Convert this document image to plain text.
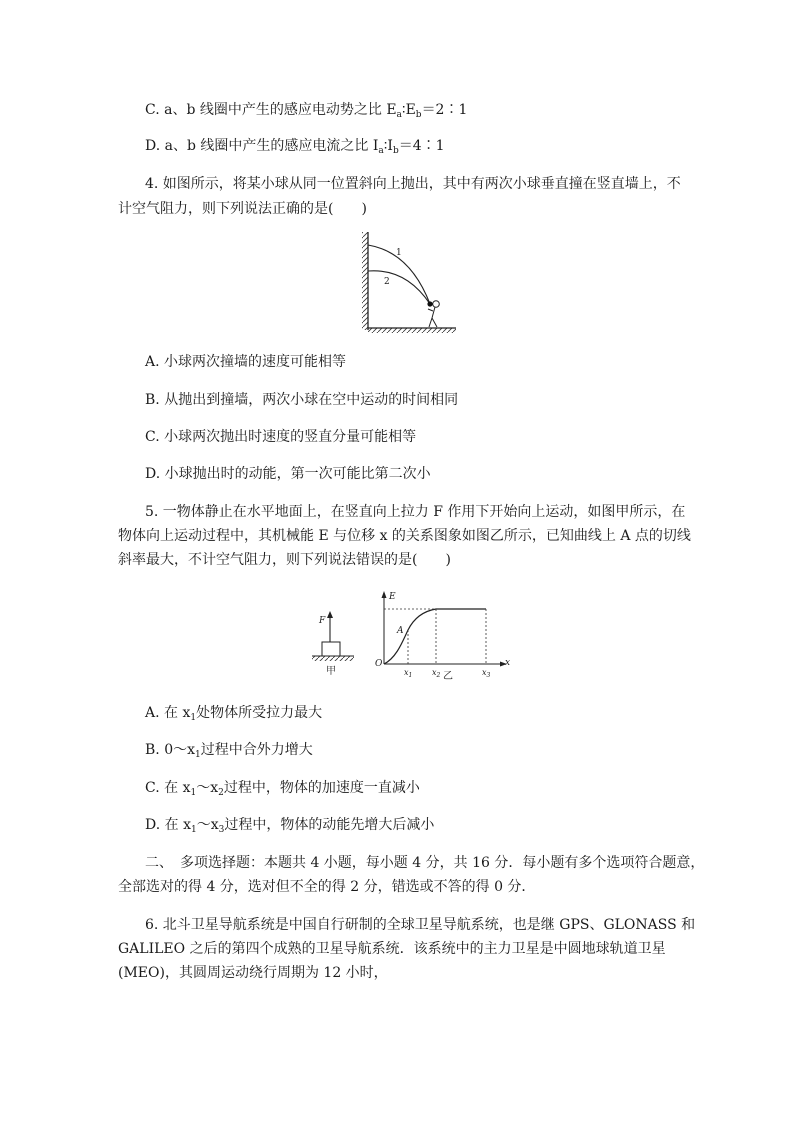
C. a、b 线圈中产生的感应电动势之比 $E_a∶E_b=2∶1$
D. a、b 线圈中产生的感应电流之比 $I_a∶I_b=4∶1$
4. 如图所示，将某小球从同一位置斜向上抛出，其中有两次小球垂直撞在竖直墙上，不
计空气阻力，则下列说法正确的是(　　)
1
2
A. 小球两次撞墙的速度可能相等
B. 从抛出到撞墙，两次小球在空中运动的时间相同
C. 小球两次抛出时速度的竖直分量可能相等
D. 小球抛出时的动能，第一次可能比第二次小
5. 一物体静止在水平地面上，在竖直向上拉力 F 作用下开始向上运动，如图甲所示，在
物体向上运动过程中，其机械能 E 与位移 x 的关系图象如图乙所示，已知曲线上 A 点的切线
斜率最大，不计空气阻力，则下列说法错误的是(　　)
F
甲
E
O	x
A
$x_1$ $x_2$	$x_3$
乙
A. 在 $x_1$处物体所受拉力最大
B. $0\sim x_1$过程中合外力增大
C. 在 $x_1\sim x_2$过程中，物体的加速度一直减小
D. 在 $x_1\sim x_3$过程中，物体的动能先增大后减小
二、　多项选择题：本题共 4 小题，每小题 4 分，共 16 分．每小题有多个选项符合题意，
全部选对的得 4 分，选对但不全的得 2 分，错选或不答的得 0 分．
6. 北斗卫星导航系统是中国自行研制的全球卫星导航系统，也是继 GPS、GLONASS 和
GALILEO 之后的第四个成熟的卫星导航系统．该系统中的主力卫星是中圆地球轨道卫星
(MEO)，其圆周运动绕行周期为 12 小时，
